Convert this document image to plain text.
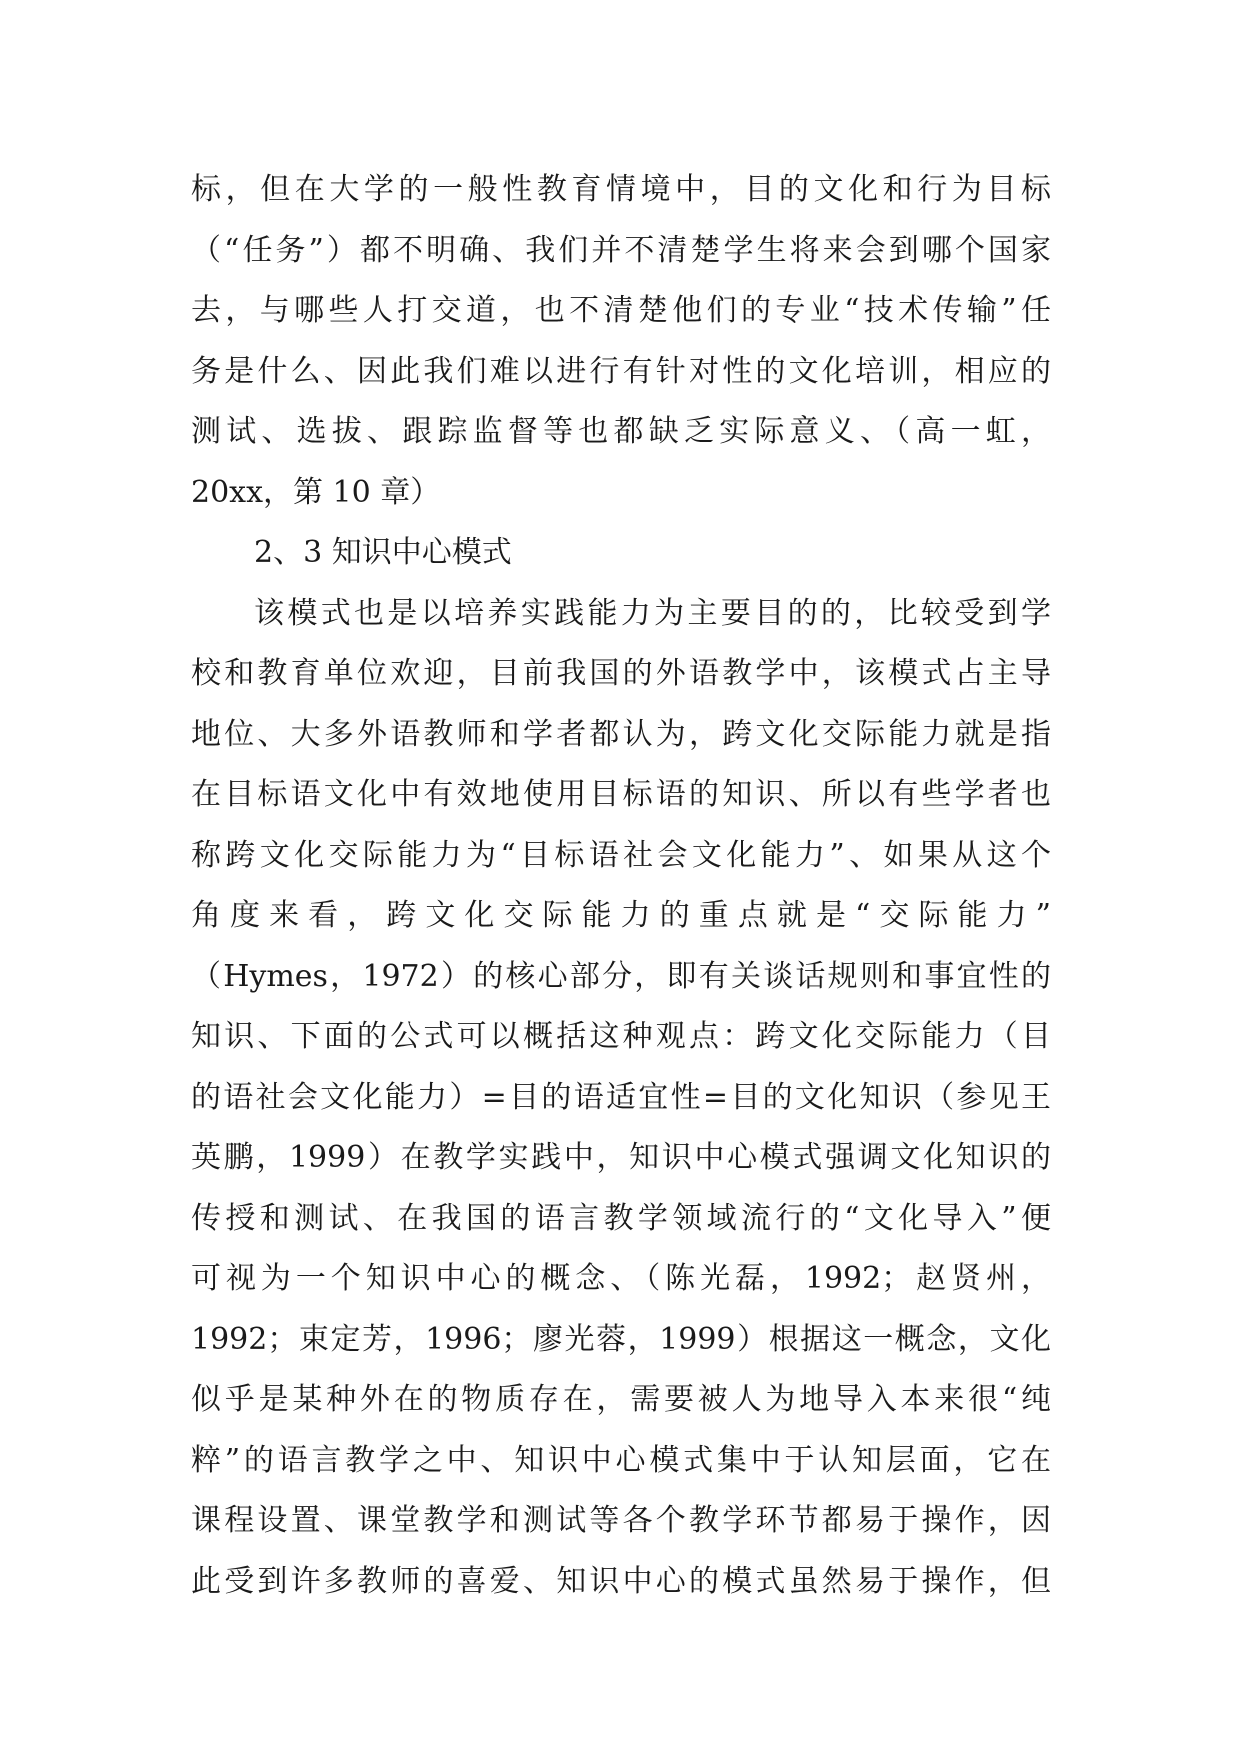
标，但在大学的一般性教育情境中，目的文化和行为目标
（“任务”）都不明确、我们并不清楚学生将来会到哪个国家
去，与哪些人打交道，也不清楚他们的专业“技术传输”任
务是什么、因此我们难以进行有针对性的文化培训，相应的
测试、选拔、跟踪监督等也都缺乏实际意义、（高一虹，
20xx，第 10 章）
2、3 知识中心模式
该模式也是以培养实践能力为主要目的的，比较受到学
校和教育单位欢迎，目前我国的外语教学中，该模式占主导
地位、大多外语教师和学者都认为，跨文化交际能力就是指
在目标语文化中有效地使用目标语的知识、所以有些学者也
称跨文化交际能力为“目标语社会文化能力”、如果从这个
角度来看，跨文化交际能力的重点就是“交际能力”
（Hymes，1972）的核心部分，即有关谈话规则和事宜性的
知识、下面的公式可以概括这种观点：跨文化交际能力（目
的语社会文化能力）=目的语适宜性=目的文化知识（参见王
英鹏，1999）在教学实践中，知识中心模式强调文化知识的
传授和测试、在我国的语言教学领域流行的“文化导入”便
可视为一个知识中心的概念、（陈光磊，1992；赵贤州，
1992；束定芳，1996；廖光蓉，1999）根据这一概念，文化
似乎是某种外在的物质存在，需要被人为地导入本来很“纯
粹”的语言教学之中、知识中心模式集中于认知层面，它在
课程设置、课堂教学和测试等各个教学环节都易于操作，因
此受到许多教师的喜爱、知识中心的模式虽然易于操作，但
